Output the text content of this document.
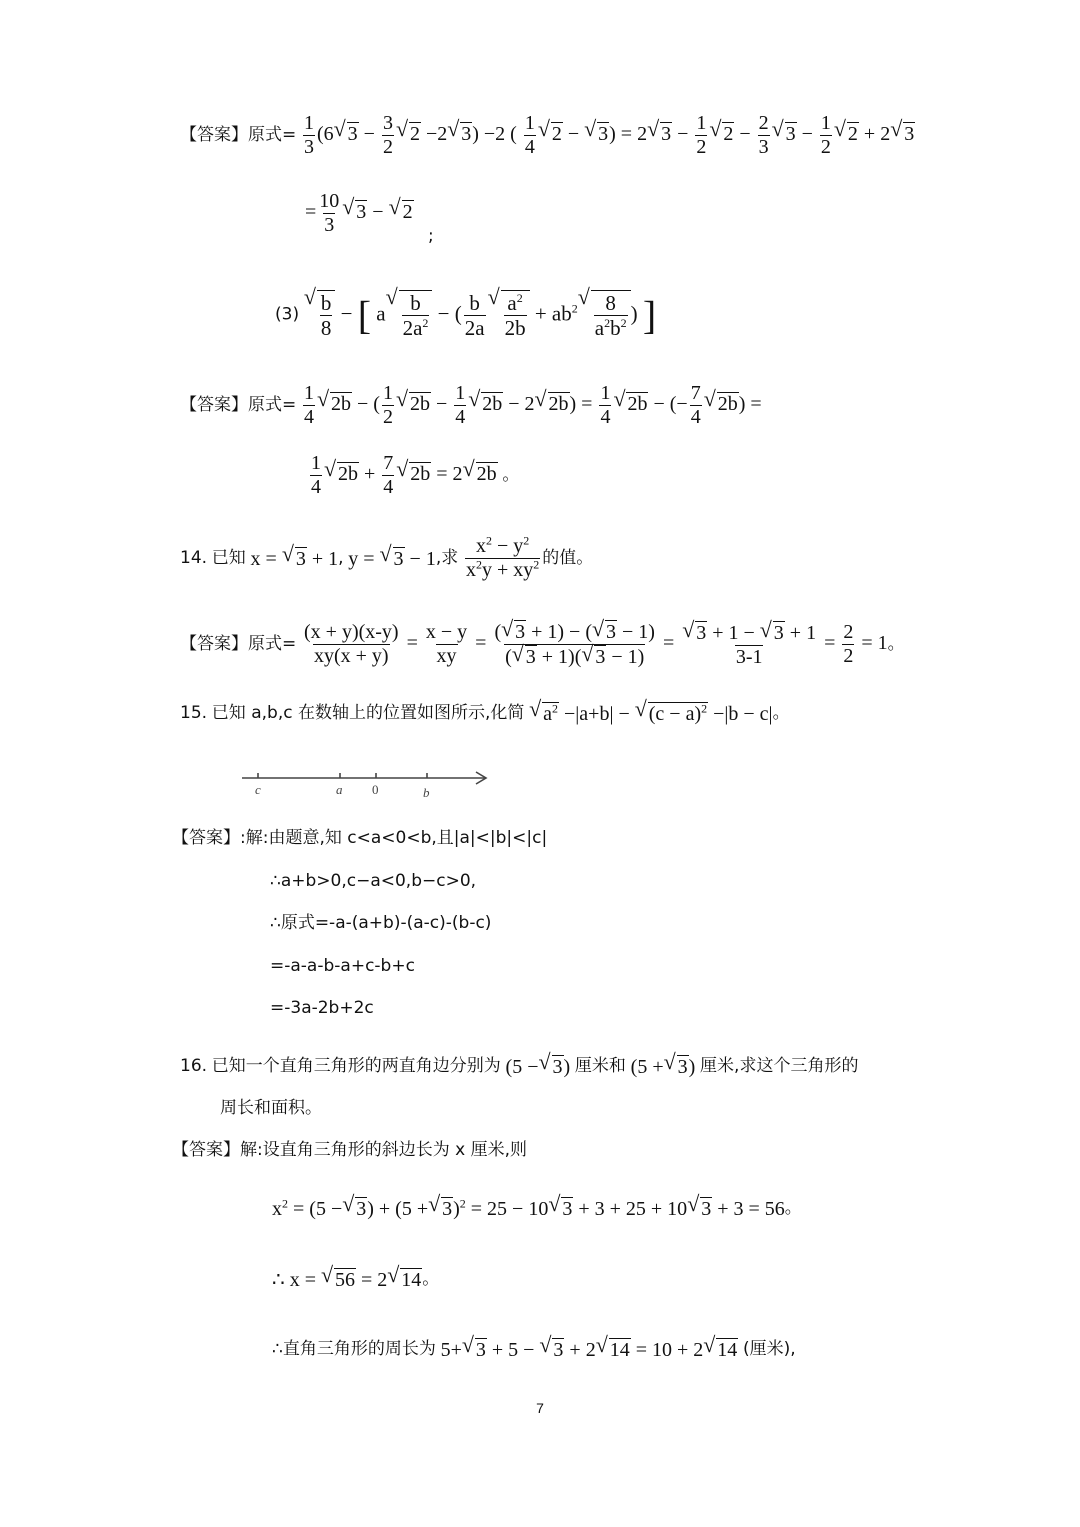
【答案】原式= $\frac{1}{3} (6√$ $3 - \frac{3}{2}$
√ 2 −2√ 3) −2 ( $\frac{1}{4}$
√ 2 − √ 3) = 2√ $3 - \frac{1}{2}$
√ $2 - \frac{2}{3}$
√ $3 - \frac{1}{2}$
√ 2 + 2√ 3
= $\frac{10}{3}$
√ 3 − √ 2
;
(3)
√ $\frac{b}{8}$ − [ a
√ $\frac{b}{2a^2}$ − ( $\frac{b}{2a}$
√ $\frac{a^2}{2b} + ab^2$
√ $\frac{8}{a^2b^2}$ ) ]
【答案】原式= $\frac{1}{4}$
√ 2b − ( $\frac{1}{2}$
√ $2b - \frac{1}{4}$
√ 2b − 2√ $2b) = \frac{1}{4}$
√ 2b − (− $\frac{7}{4}$
√ 2b) =
$\frac{1}{4}$
√ $2b + \frac{7}{4}$
√ 2b = 2√ 2b 。
14. 已知 x = √ 3 + 1, y = √ 3 − 1,求 $\frac{x^2 - y^2}{x^2y + xy^2}$ 的值。
【答案】原式= $\frac{(x + y)(x-y)}{xy(x + y)} = \frac{x - y}{xy} = \frac{(√ 3 + 1) - (√ 3 - 1)}{(√ 3 + 1)(√ 3 - 1)}$ =
√ $\frac{3 + 1 - √ 3 + 1}{3-1} = \frac{2}{2} = 1$。
15. 已知 a,b,c 在数轴上的位置如图所示,化简 √ $a^2 -|a+b|$ − √ $(c - a)^2 -|b - c|$。
c	a 0	b
【答案】:解:由题意,知 c<a<0<b,且|a|<|b|<|c|
∴a+b>0,c−a<0,b−c>0,
∴原式=-a-(a+b)-(a-c)-(b-c)
=-a-a-b-a+c-b+c
=-3a-2b+2c
16. 已知一个直角三角形的两直角边分别为 (5 −√ 3) 厘米和 (5 +√ 3) 厘米,求这个三角形的
周长和面积。
【答案】解:设直角三角形的斜边长为 x 厘米,则
$x^2 = (5$ −√ 3) + (5 +√ 3)$^2$ = 25 − 10√ 3 + 3 + 25 + 10√ 3 + 3 = 56。
∴ x = √ 56 = 2√ 14。
∴直角三角形的周长为 5+√ 3 + 5 − √ 3 + 2√ 14 = 10 + 2√ 14 (厘米),
7
